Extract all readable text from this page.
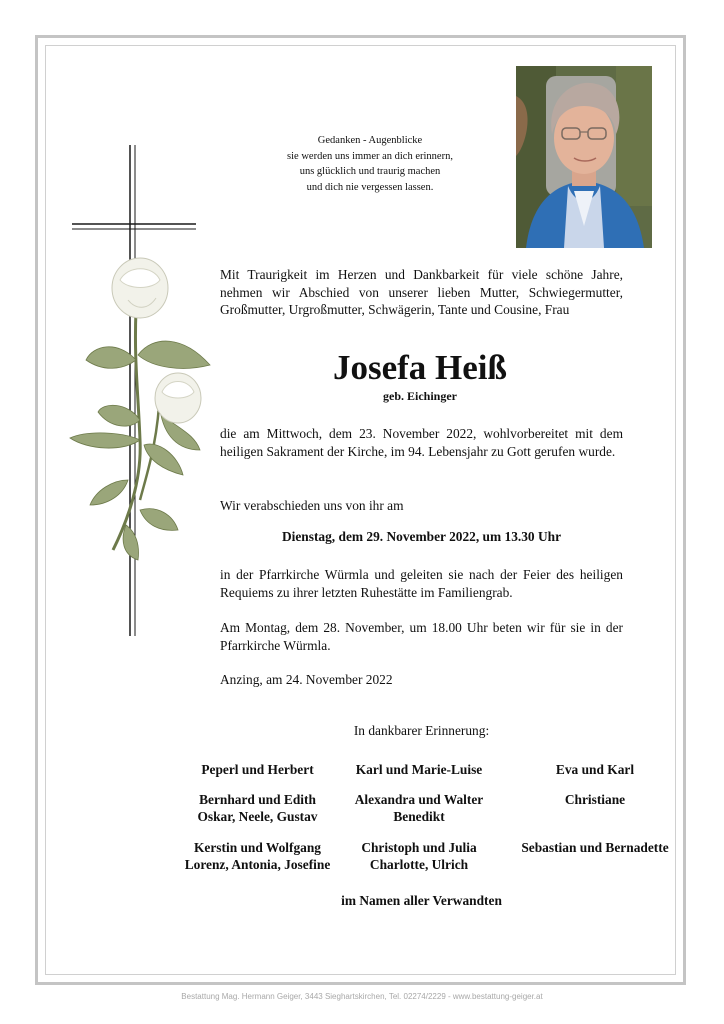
Gedanken - Augenblicke
sie werden uns immer an dich erinnern,
uns glücklich und traurig machen
und dich nie vergessen lassen.
Mit Traurigkeit im Herzen und Dankbarkeit für viele schöne Jahre, nehmen wir Abschied von unserer lieben Mutter, Schwiegermutter, Großmutter, Urgroßmutter, Schwägerin, Tante und Cousine, Frau
Josefa Heiß
geb. Eichinger
die am Mittwoch, dem 23. November 2022, wohlvorbereitet mit dem heiligen Sakrament der Kirche, im 94. Lebensjahr zu Gott gerufen wurde.
Wir verabschieden uns von ihr am
Dienstag, dem 29. November 2022, um 13.30 Uhr
in der Pfarrkirche Würmla und geleiten sie nach der Feier des heiligen Requiems zu ihrer letzten Ruhestätte im Familiengrab.
Am Montag, dem 28. November, um 18.00 Uhr beten wir für sie in der Pfarrkirche Würmla.
Anzing, am 24. November 2022
In dankbarer Erinnerung:
Peperl und Herbert	Karl und Marie-Luise	Eva und Karl
Bernhard und Edith
Oskar, Neele, Gustav
Alexandra und Walter
Benedikt
Christiane
Kerstin und Wolfgang
Lorenz, Antonia, Josefine
Christoph und Julia
Charlotte, Ulrich
Sebastian und Bernadette
im Namen aller Verwandten
Bestattung Mag. Hermann Geiger, 3443 Sieghartskirchen, Tel. 02274/2229 - www.bestattung-geiger.at
